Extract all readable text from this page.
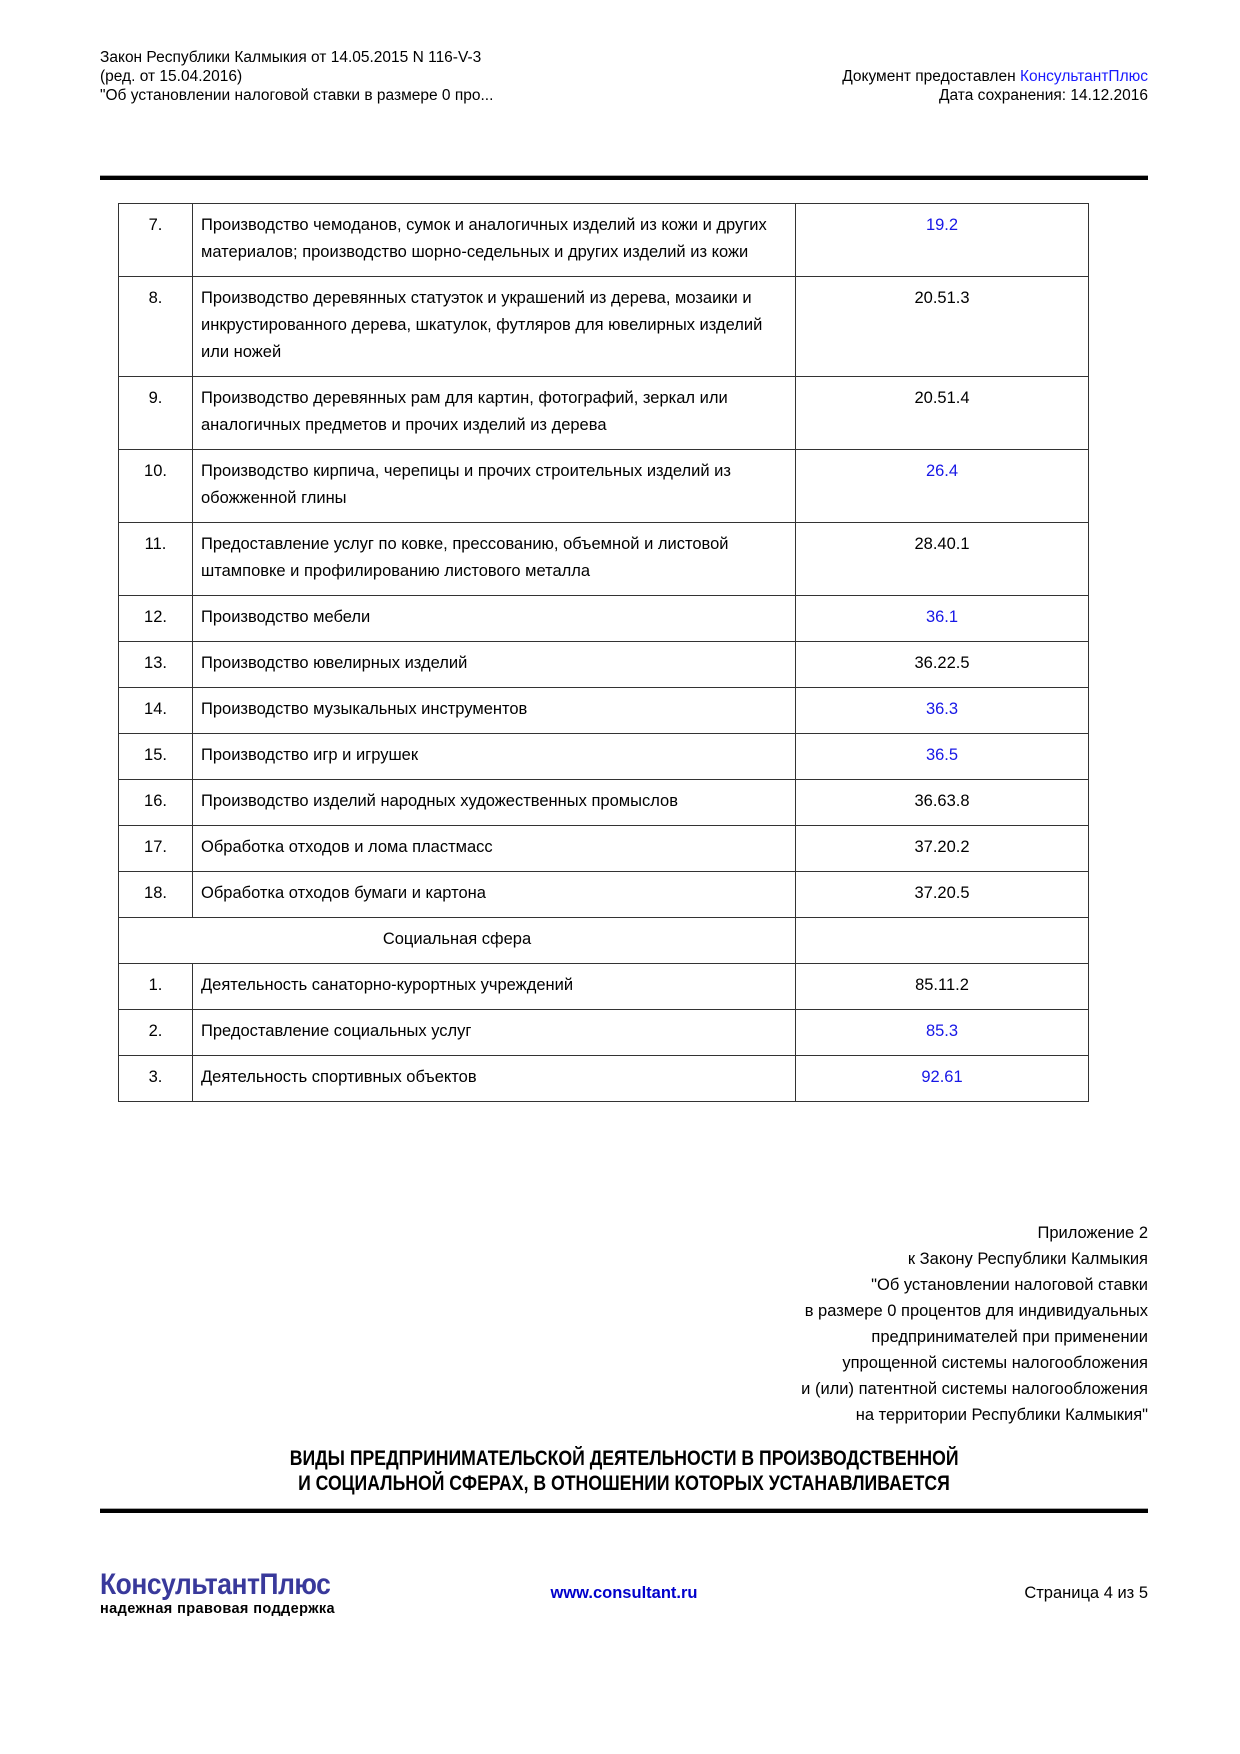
Закон Республики Калмыкия от 14.05.2015 N 116-V-3
(ред. от 15.04.2016)
"Об установлении налоговой ставки в размере 0 про...
Документ предоставлен КонсультантПлюс
Дата сохранения: 14.12.2016
7.	Производство чемоданов, сумок и аналогичных изделий из кожи и других материалов; производство шорно-седельных и других изделий из кожи	19.2
8.	Производство деревянных статуэток и украшений из дерева, мозаики и инкрустированного дерева, шкатулок, футляров для ювелирных изделий или ножей	20.51.3
9.	Производство деревянных рам для картин, фотографий, зеркал или аналогичных предметов и прочих изделий из дерева	20.51.4
10.	Производство кирпича, черепицы и прочих строительных изделий из обожженной глины	26.4
11.	Предоставление услуг по ковке, прессованию, объемной и листовой штамповке и профилированию листового металла	28.40.1
12.	Производство мебели	36.1
13.	Производство ювелирных изделий	36.22.5
14.	Производство музыкальных инструментов	36.3
15.	Производство игр и игрушек	36.5
16.	Производство изделий народных художественных промыслов	36.63.8
17.	Обработка отходов и лома пластмасс	37.20.2
18.	Обработка отходов бумаги и картона	37.20.5
Социальная сфера		
1.	Деятельность санаторно-курортных учреждений	85.11.2
2.	Предоставление социальных услуг	85.3
3.	Деятельность спортивных объектов	92.61
Приложение 2
к Закону Республики Калмыкия
"Об установлении налоговой ставки
в размере 0 процентов для индивидуальных
предпринимателей при применении
упрощенной системы налогообложения
и (или) патентной системы налогообложения
на территории Республики Калмыкия"
ВИДЫ ПРЕДПРИНИМАТЕЛЬСКОЙ ДЕЯТЕЛЬНОСТИ В ПРОИЗВОДСТВЕННОЙ
И СОЦИАЛЬНОЙ СФЕРАХ, В ОТНОШЕНИИ КОТОРЫХ УСТАНАВЛИВАЕТСЯ
КонсультантПлюс
надежная правовая поддержка
www.consultant.ru	Страница 4 из 5
